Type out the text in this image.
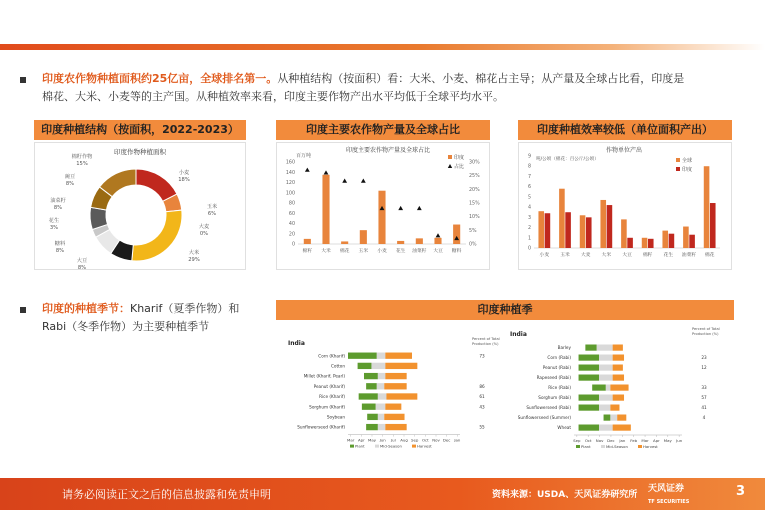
印度农作物种植面积约25亿亩，全球排名第一。从种植结构（按面积）看：大米、小麦、棉花占主导；从产量及全球占比看，印度是
棉花、大米、小麦等的主产国。从种植效率来看，印度主要作物产出水平均低于全球平均水平。
印度种植结构（按面积，2022-2023）	印度主要农作物产量及全球占比	印度种植效率较低（单位面积产出）
印度作物种植面积
小麦
18%
玉米
6%
大麦
0%
大米
29%
大豆
8%
糖料
8%
花生
3%
油菜籽
8%
豌豆
8%
棉籽作物
15%
印度主要农作物产量及全球占比
百万吨
0
20
40
60
80
100
120
140
160
0%
5%
10%
15%
20%
25%
30%
棉籽 大米 棉花 玉米 小麦 花生 油菜籽 大豆 糖料
印度
占比
作物单位产出
吨/公顷（棉花：百公斤/公顷）
0
1
2
3
4
5
6
7
8
9
小麦 玉米 大麦 大米 大豆 棉籽 花生 油菜籽 棉花
全球
印度
印度的种植季节：Kharif（夏季作物）和
Rabi（冬季作物）为主要种植季节
印度种植季
India
Percent of Total
Production (%)
Corn (Kharif)	73
Cotton
Millet (Kharif, Pearl)
Peanut (Kharif)	86
Rice (Kharif)	61
Sorghum (Kharif)	43
Soybean
Sunflowerseed (Kharif)	55
Mar Apr May Jun Jul Aug Sep Oct Nov Dec Jan
Plant	Mid-Season	Harvest
India
Percent of Total
Production (%)
Barley
Corn (Rabi)	23
Peanut (Rabi)	12
Rapeseed (Rabi)
Rice (Rabi)	33
Sorghum (Rabi)	57
Sunflowerseed (Rabi)	41
Sunflowerseed (Summer)	4
Wheat
Sep Oct Nov Dec Jan Feb Mar Apr May Jun
Plant	Mid-Season	Harvest
请务必阅读正文之后的信息披露和免责申明	资料来源：USDA、天风证券研究所
天风证券
TF SECURITIES
3
